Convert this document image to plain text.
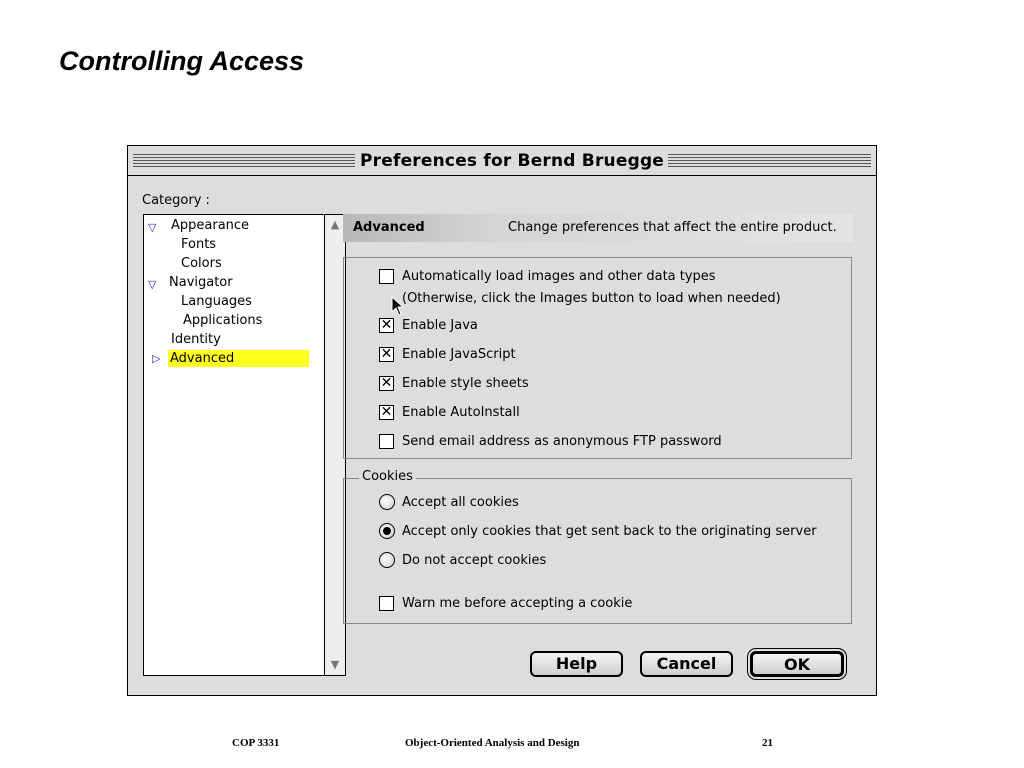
Controlling Access
Preferences for Bernd Bruegge
Category :
▽ Appearance
Fonts
Colors
▽ Navigator
Languages
Applications
Identity
▷ Advanced
▲
▼
Advanced	Change preferences that affect the entire product.
Automatically load images and other data types
(Otherwise, click the Images button to load when needed)
✕ Enable Java
✕ Enable JavaScript
✕ Enable style sheets
✕ Enable AutoInstall
Send email address as anonymous FTP password
Cookies
Accept all cookies
Accept only cookies that get sent back to the originating server
Do not accept cookies
Warn me before accepting a cookie
Help	Cancel	OK
COP 3331	Object-Oriented Analysis and Design	21
